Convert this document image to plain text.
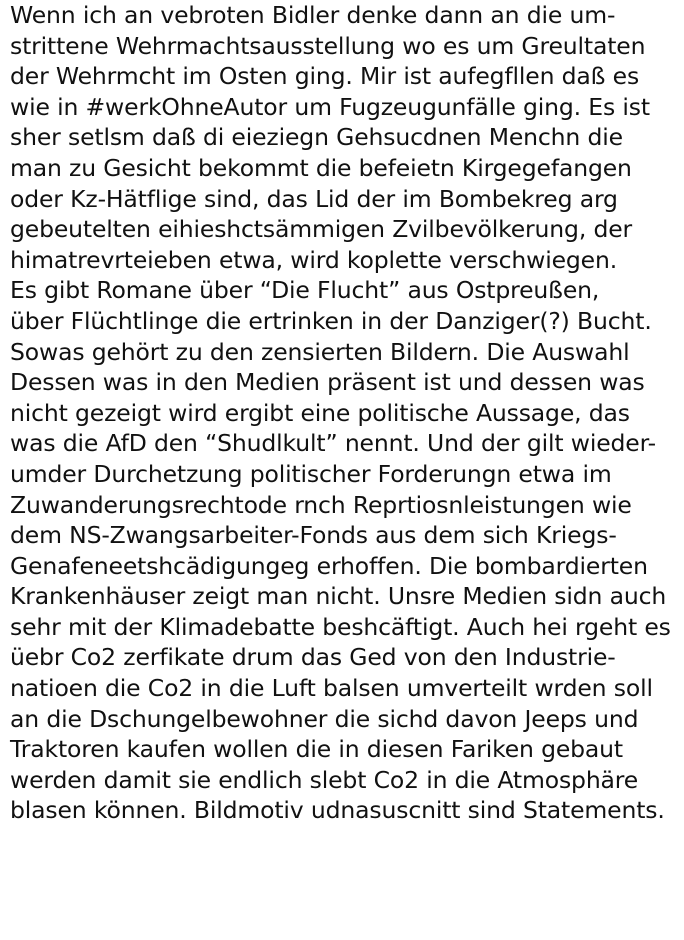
Wenn ich an vebroten Bidler denke dann an die um-
strittene Wehrmachtsausstellung wo es um Greultaten
der Wehrmcht im Osten ging. Mir ist aufegfllen daß es
wie in #werkOhneAutor um Fugzeugunfälle ging. Es ist
sher setlsm daß di eieziegn Gehsucdnen Menchn die
man zu Gesicht bekommt die befeietn Kirgegefangen
oder Kz-Hätflige sind, das Lid der im Bombekreg arg
gebeutelten eihieshctsämmigen Zvilbevölkerung, der
himatrevrteieben etwa, wird koplette verschwiegen.
Es gibt Romane über “Die Flucht” aus Ostpreußen,
über Flüchtlinge die ertrinken in der Danziger(?) Bucht.
Sowas gehört zu den zensierten Bildern. Die Auswahl
Dessen was in den Medien präsent ist und dessen was
nicht gezeigt wird ergibt eine politische Aussage, das
was die AfD den “Shudlkult” nennt. Und der gilt wieder-
umder Durchetzung politischer Forderungn etwa im
Zuwanderungsrechtode rnch Reprtiosnleistungen wie
dem NS-Zwangsarbeiter-Fonds aus dem sich Kriegs-
Genafeneetshcädigungeg erhoffen. Die bombardierten
Krankenhäuser zeigt man nicht. Unsre Medien sidn auch
sehr mit der Klimadebatte beshcäftigt. Auch hei rgeht es
üebr Co2 zerfikate drum das Ged von den Industrie-
natioen die Co2 in die Luft balsen umverteilt wrden soll
an die Dschungelbewohner die sichd davon Jeeps und
Traktoren kaufen wollen die in diesen Fariken gebaut
werden damit sie endlich slebt Co2 in die Atmosphäre
blasen können. Bildmotiv udnasuscnitt sind Statements.
